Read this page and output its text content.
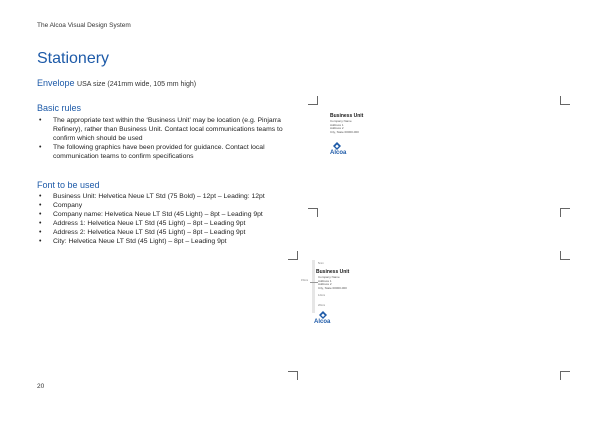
The Alcoa Visual Design System
Stationery
Envelope USA size (241mm wide, 105 mm high)
Basic rules
• The appropriate text within the ‘Business Unit’ may be location (e.g. Pinjarra Refinery), rather than Business Unit. Contact local communications teams to confirm which should be used
• The following graphics have been provided for guidance. Contact local communication teams to confirm specifications
Font to be used
• Business Unit: Helvetica Neue LT Std (75 Bold) – 12pt – Leading: 12pt
• Company
• Company name: Helvetica Neue LT Std (45 Light) – 8pt – Leading 9pt
• Address 1: Helvetica Neue LT Std (45 Light) – 8pt – Leading 9pt
• Address 2: Helvetica Neue LT Std (45 Light) – 8pt – Leading 9pt
• City: Helvetica Neue LT Std (45 Light) – 8pt – Leading 9pt
20
Business Unit
Company Name
Address 1
Address 2
City, State 00000-000
Alcoa
5mm
15mm
12mm
20mm
Business Unit
Company Name
Address 1
Address 2
City, State 00000-000
Alcoa
